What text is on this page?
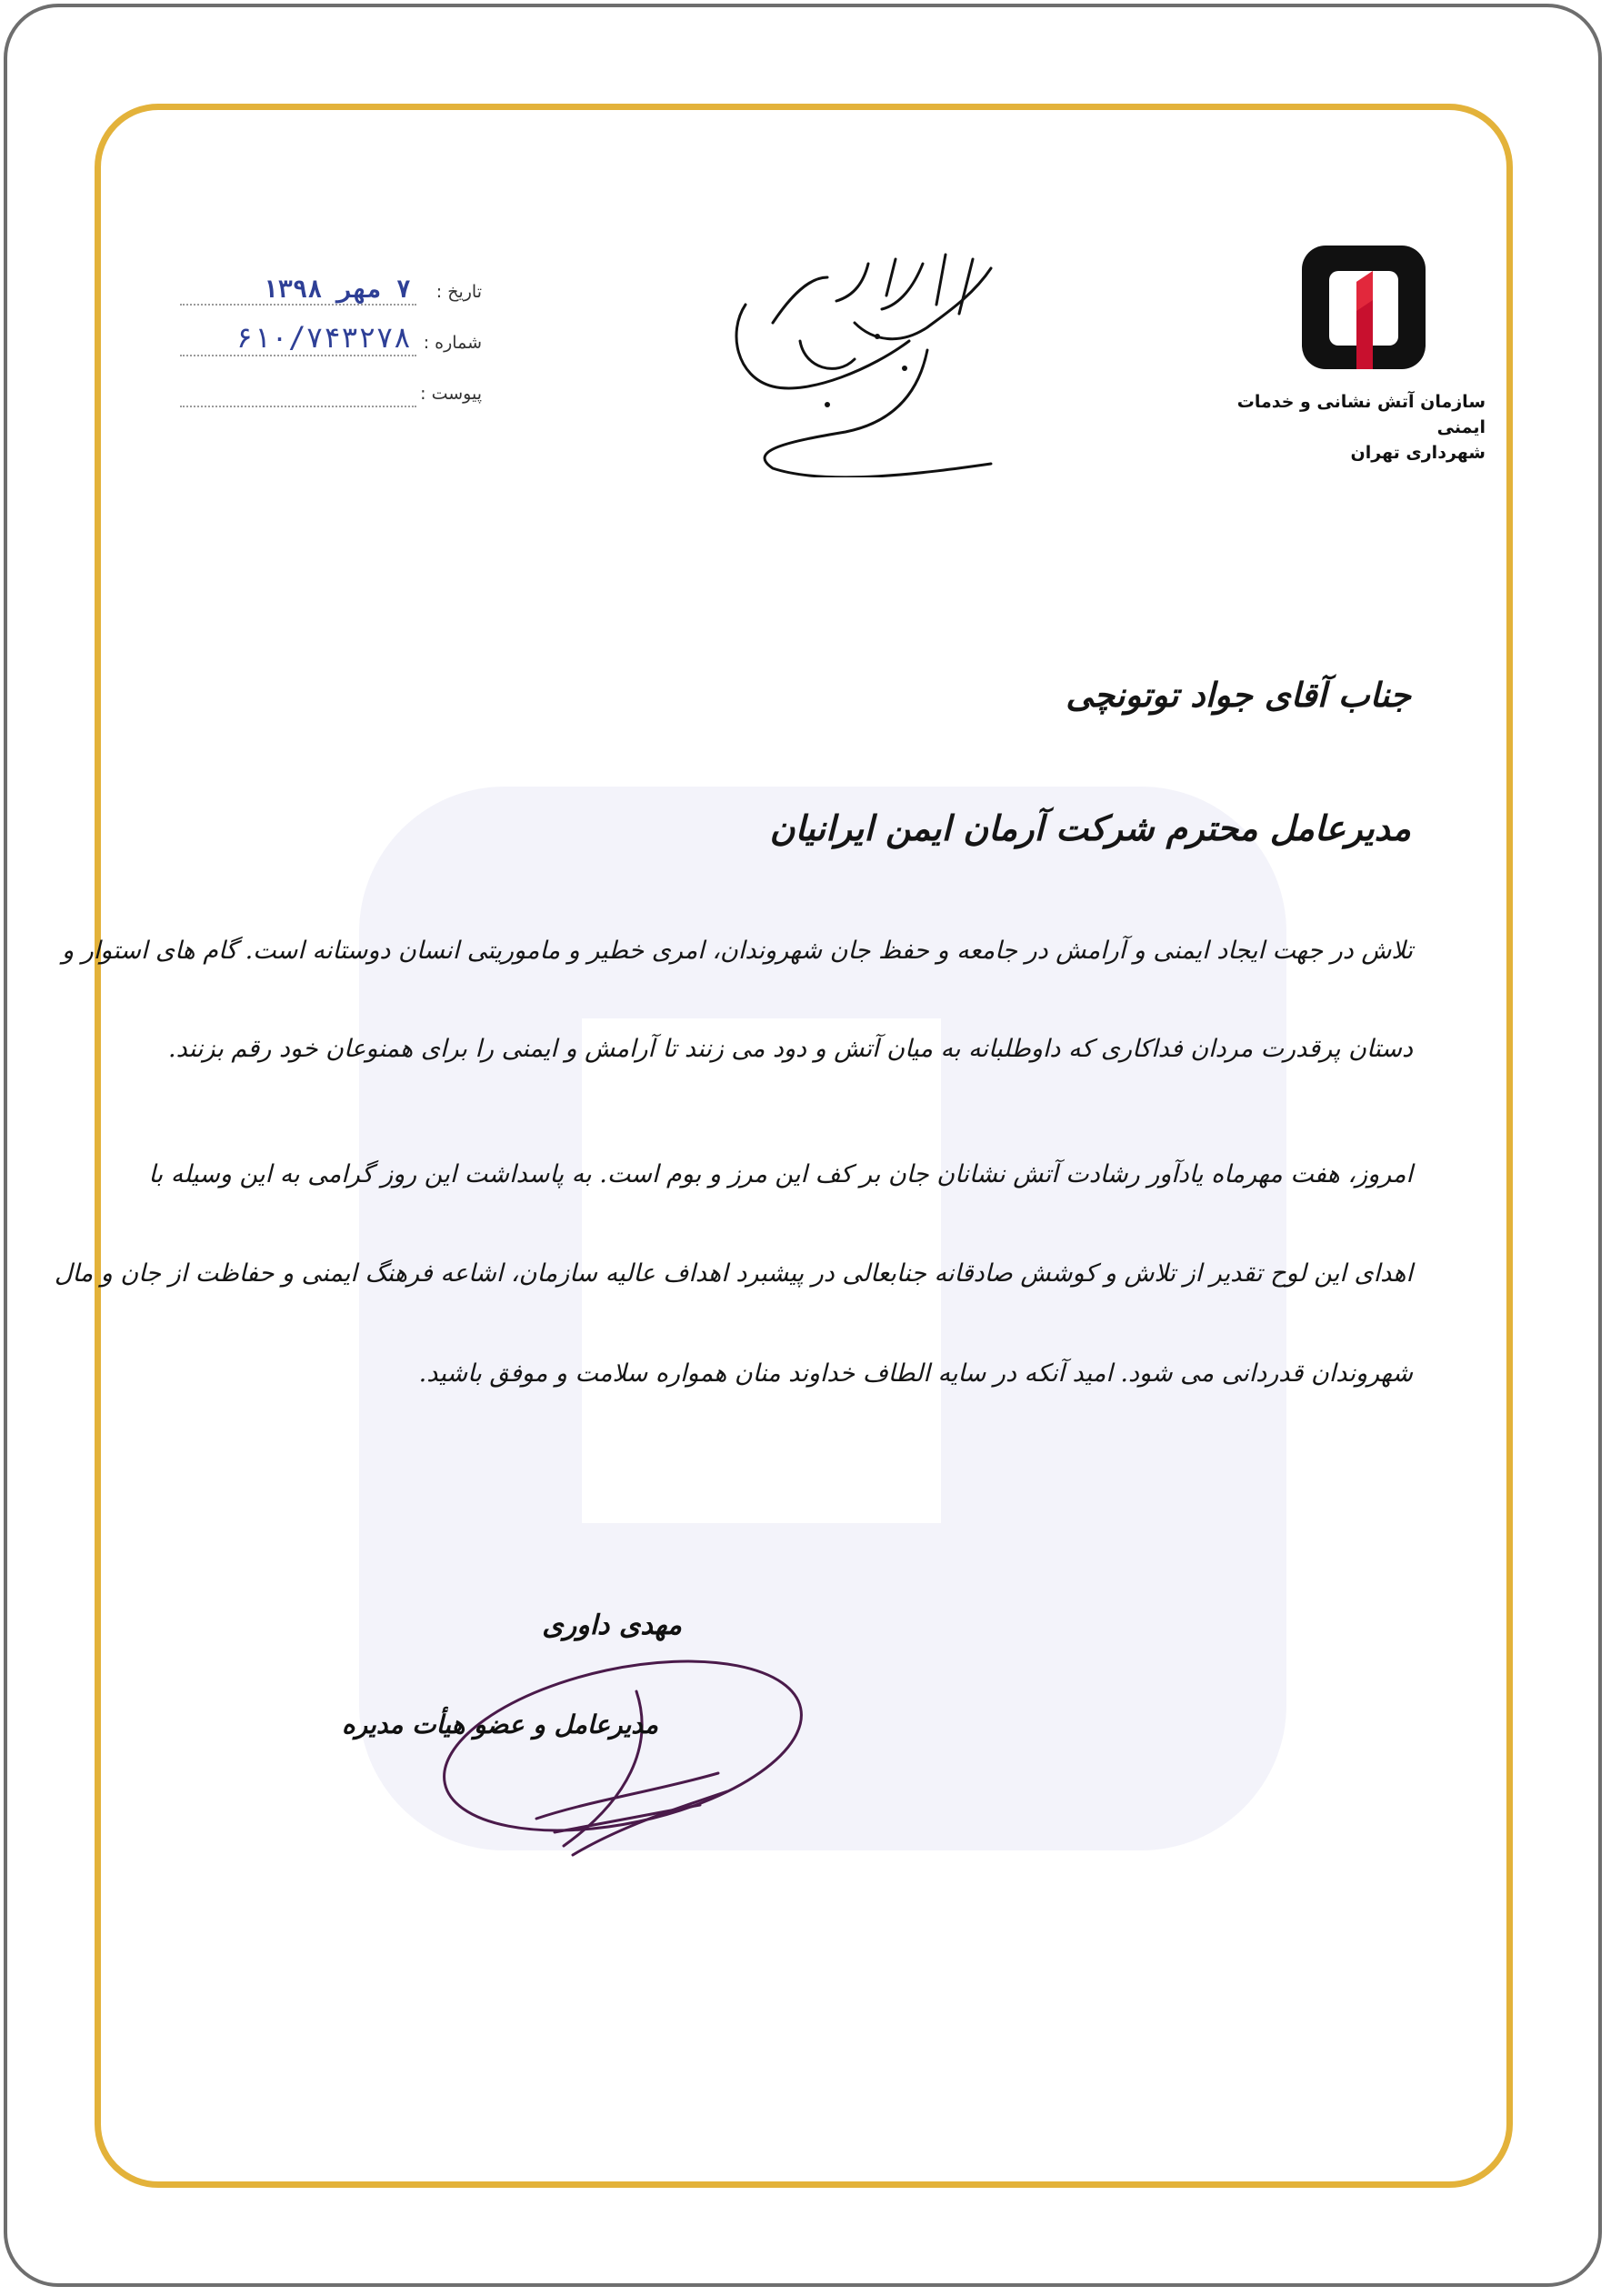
سازمان آتش نشانی و خدمات ایمنی
شهرداری تهران
تاریخ :
۷ مهر ۱۳۹۸
شماره :
۶۱۰/۷۴۳۲۷۸
پیوست :
جناب آقای جواد توتونچی
مدیرعامل محترم شرکت آرمان ایمن ایرانیان
تلاش در جهت ایجاد ایمنی و آرامش در جامعه و حفظ جان شهروندان، امری خطیر و ماموریتی انسان دوستانه است. گام های استوار و
دستان پرقدرت مردان فداکاری که داوطلبانه به میان آتش و دود می زنند تا آرامش و ایمنی را برای همنوعان خود رقم بزنند.
امروز، هفت مهرماه یادآور رشادت آتش نشانان جان بر کف این مرز و بوم است. به پاسداشت این روز گرامی به این وسیله با
اهدای این لوح تقدیر از تلاش و کوشش صادقانه جنابعالی در پیشبرد اهداف عالیه سازمان، اشاعه فرهنگ ایمنی و حفاظت از جان و مال
شهروندان قدردانی می شود. امید آنکه در سایه الطاف خداوند منان همواره سلامت و موفق باشید.
مهدی داوری
مدیرعامل و عضو هیأت مدیره
